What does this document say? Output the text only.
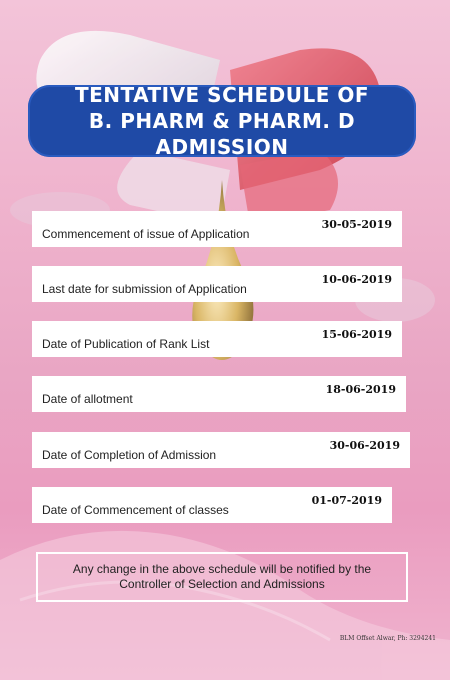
TENTATIVE SCHEDULE OF
B. PHARM & PHARM. D ADMISSION
Commencement of issue of Application
30-05-2019
Last date for submission of Application
10-06-2019
Date of Publication of Rank List
15-06-2019
Date of allotment
18-06-2019
Date of Completion of Admission
30-06-2019
Date of Commencement of classes
01-07-2019
Any change in the above schedule will be notified by the
Controller of Selection and Admissions
BLM Offset Alwar, Ph: 3294241
